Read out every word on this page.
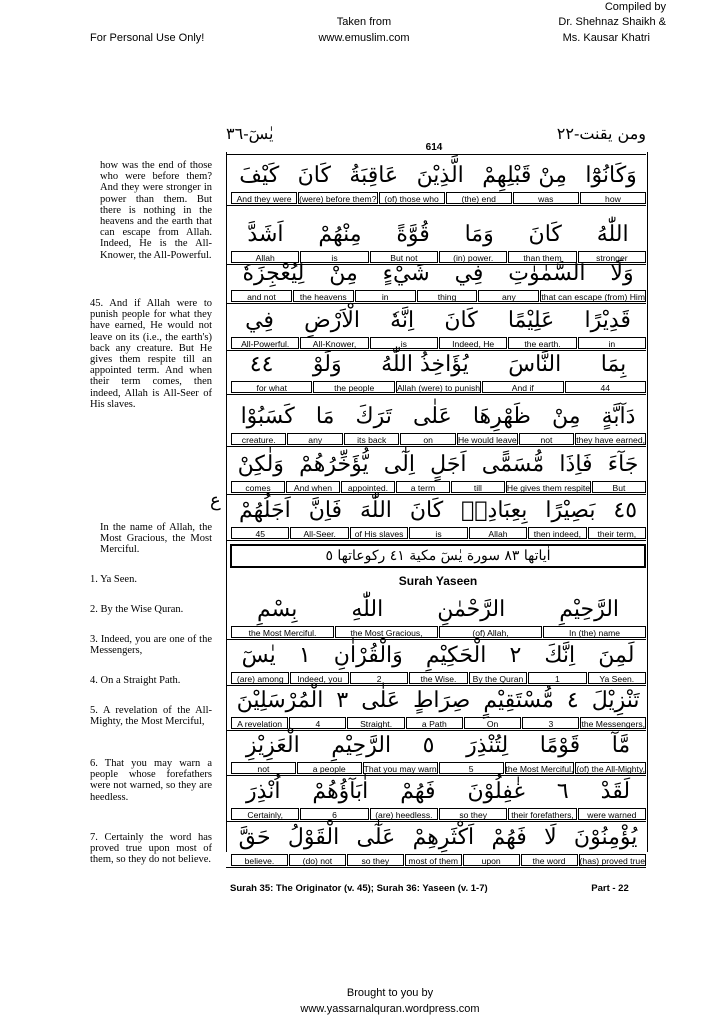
For Personal Use Only!
Taken from
www.emuslim.com
Compiled by
Dr. Shehnaz Shaikh &
Ms. Kausar Khatri
يٰسٓ-٣٦
614
ومن يقنت-٢٢
how was the end of those who were before them? And they were stronger in power than them. But there is nothing in the heavens and the earth that can escape from Allah. Indeed, He is the All-Knower, the All-Powerful.
45. And if Allah were to punish people for what they have earned, He would not leave on its (i.e., the earth's) back any creature. But He gives them respite till an appointed term. And when their term comes, then indeed, Allah is All-Seer of His slaves.
In the name of Allah, the Most Gracious, the Most Merciful.
1. Ya Seen.
2. By the Wise Quran.
3. Indeed, you are one of the Messengers,
4. On a Straight Path.
5. A revelation of the All-Mighty, the Most Merciful,
6. That you may warn a people whose forefathers were not warned, so they are heedless.
7. Certainly the word has proved true upon most of them, so they do not believe.
ع
كَيْفَ كَانَ عَاقِبَةُ الَّذِيْنَ مِنْ قَبْلِهِمْ وَكَانُوْٓا
how
was
(the) end
(of) those who
(were) before them?
And they were
اَشَدَّ مِنْهُمْ قُوَّةً وَمَا كَانَ اللّٰهُ
stronger
than them
(in) power.
But not
is
Allah
لِيُعْجِزَهٗ مِنْ شَيْءٍ فِي السَّمٰوٰتِ وَلَا
that can escape (from) Him
any
thing
in
the heavens
and not
فِي الْاَرْضِ اِنَّهٗ كَانَ عَلِيْمًا قَدِيْرًا
in
the earth.
Indeed, He
is
All-Knower,
All-Powerful.
٤٤ وَلَوْ يُؤَاخِذُ اللّٰهُ النَّاسَ بِمَا
44
And if
Allah (were) to punish
the people
for what
كَسَبُوْا مَا تَرَكَ عَلٰى ظَهْرِهَا مِنْ دَآبَّةٍ
they have earned,
not
He would leave
on
its back
any
creature.
وَلٰكِنْ يُّؤَخِّرُهُمْ اِلٰٓى اَجَلٍ مُّسَمًّى فَاِذَا جَآءَ
But
He gives them respite
till
a term
appointed.
And when
comes
اَجَلُهُمْ فَاِنَّ اللّٰهَ كَانَ بِعِبَادِهٖ بَصِيْرًا ٤٥
their term,
then indeed,
Allah
is
of His slaves
All-Seer.
45
بِسْمِ اللّٰهِ الرَّحْمٰنِ الرَّحِيْمِ
In (the) name
(of) Allah,
the Most Gracious,
the Most Merciful.
يٰسٓ ١ وَالْقُرْاٰنِ الْحَكِيْمِ ٢ اِنَّكَ لَمِنَ
Ya Seen.
1
By the Quran
the Wise.
2
Indeed, you
(are) among
الْمُرْسَلِيْنَ ٣ عَلٰى صِرَاطٍ مُّسْتَقِيْمٍ ٤ تَنْزِيْلَ
the Messengers,
3
On
a Path
Straight.
4
A revelation
الْعَزِيْزِ الرَّحِيْمِ ٥ لِتُنْذِرَ قَوْمًا مَّآ
(of) the All-Mighty,
the Most Merciful,
5
That you may warn
a people
not
اُنْذِرَ اٰبَآؤُهُمْ فَهُمْ غٰفِلُوْنَ ٦ لَقَدْ
were warned
their forefathers,
so they
(are) heedless.
6
Certainly,
حَقَّ الْقَوْلُ عَلٰٓى اَكْثَرِهِمْ فَهُمْ لَا يُؤْمِنُوْنَ
(has) proved true
the word
upon
most of them
so they
(do) not
believe.
اٰياتها ٨٣ سورة يٰسٓ مكية ٤١ ركوعاتها ٥
Surah Yaseen
Surah 35: The Originator (v. 45); Surah 36: Yaseen (v. 1-7)	Part - 22
Brought to you by
www.yassarnalquran.wordpress.com
